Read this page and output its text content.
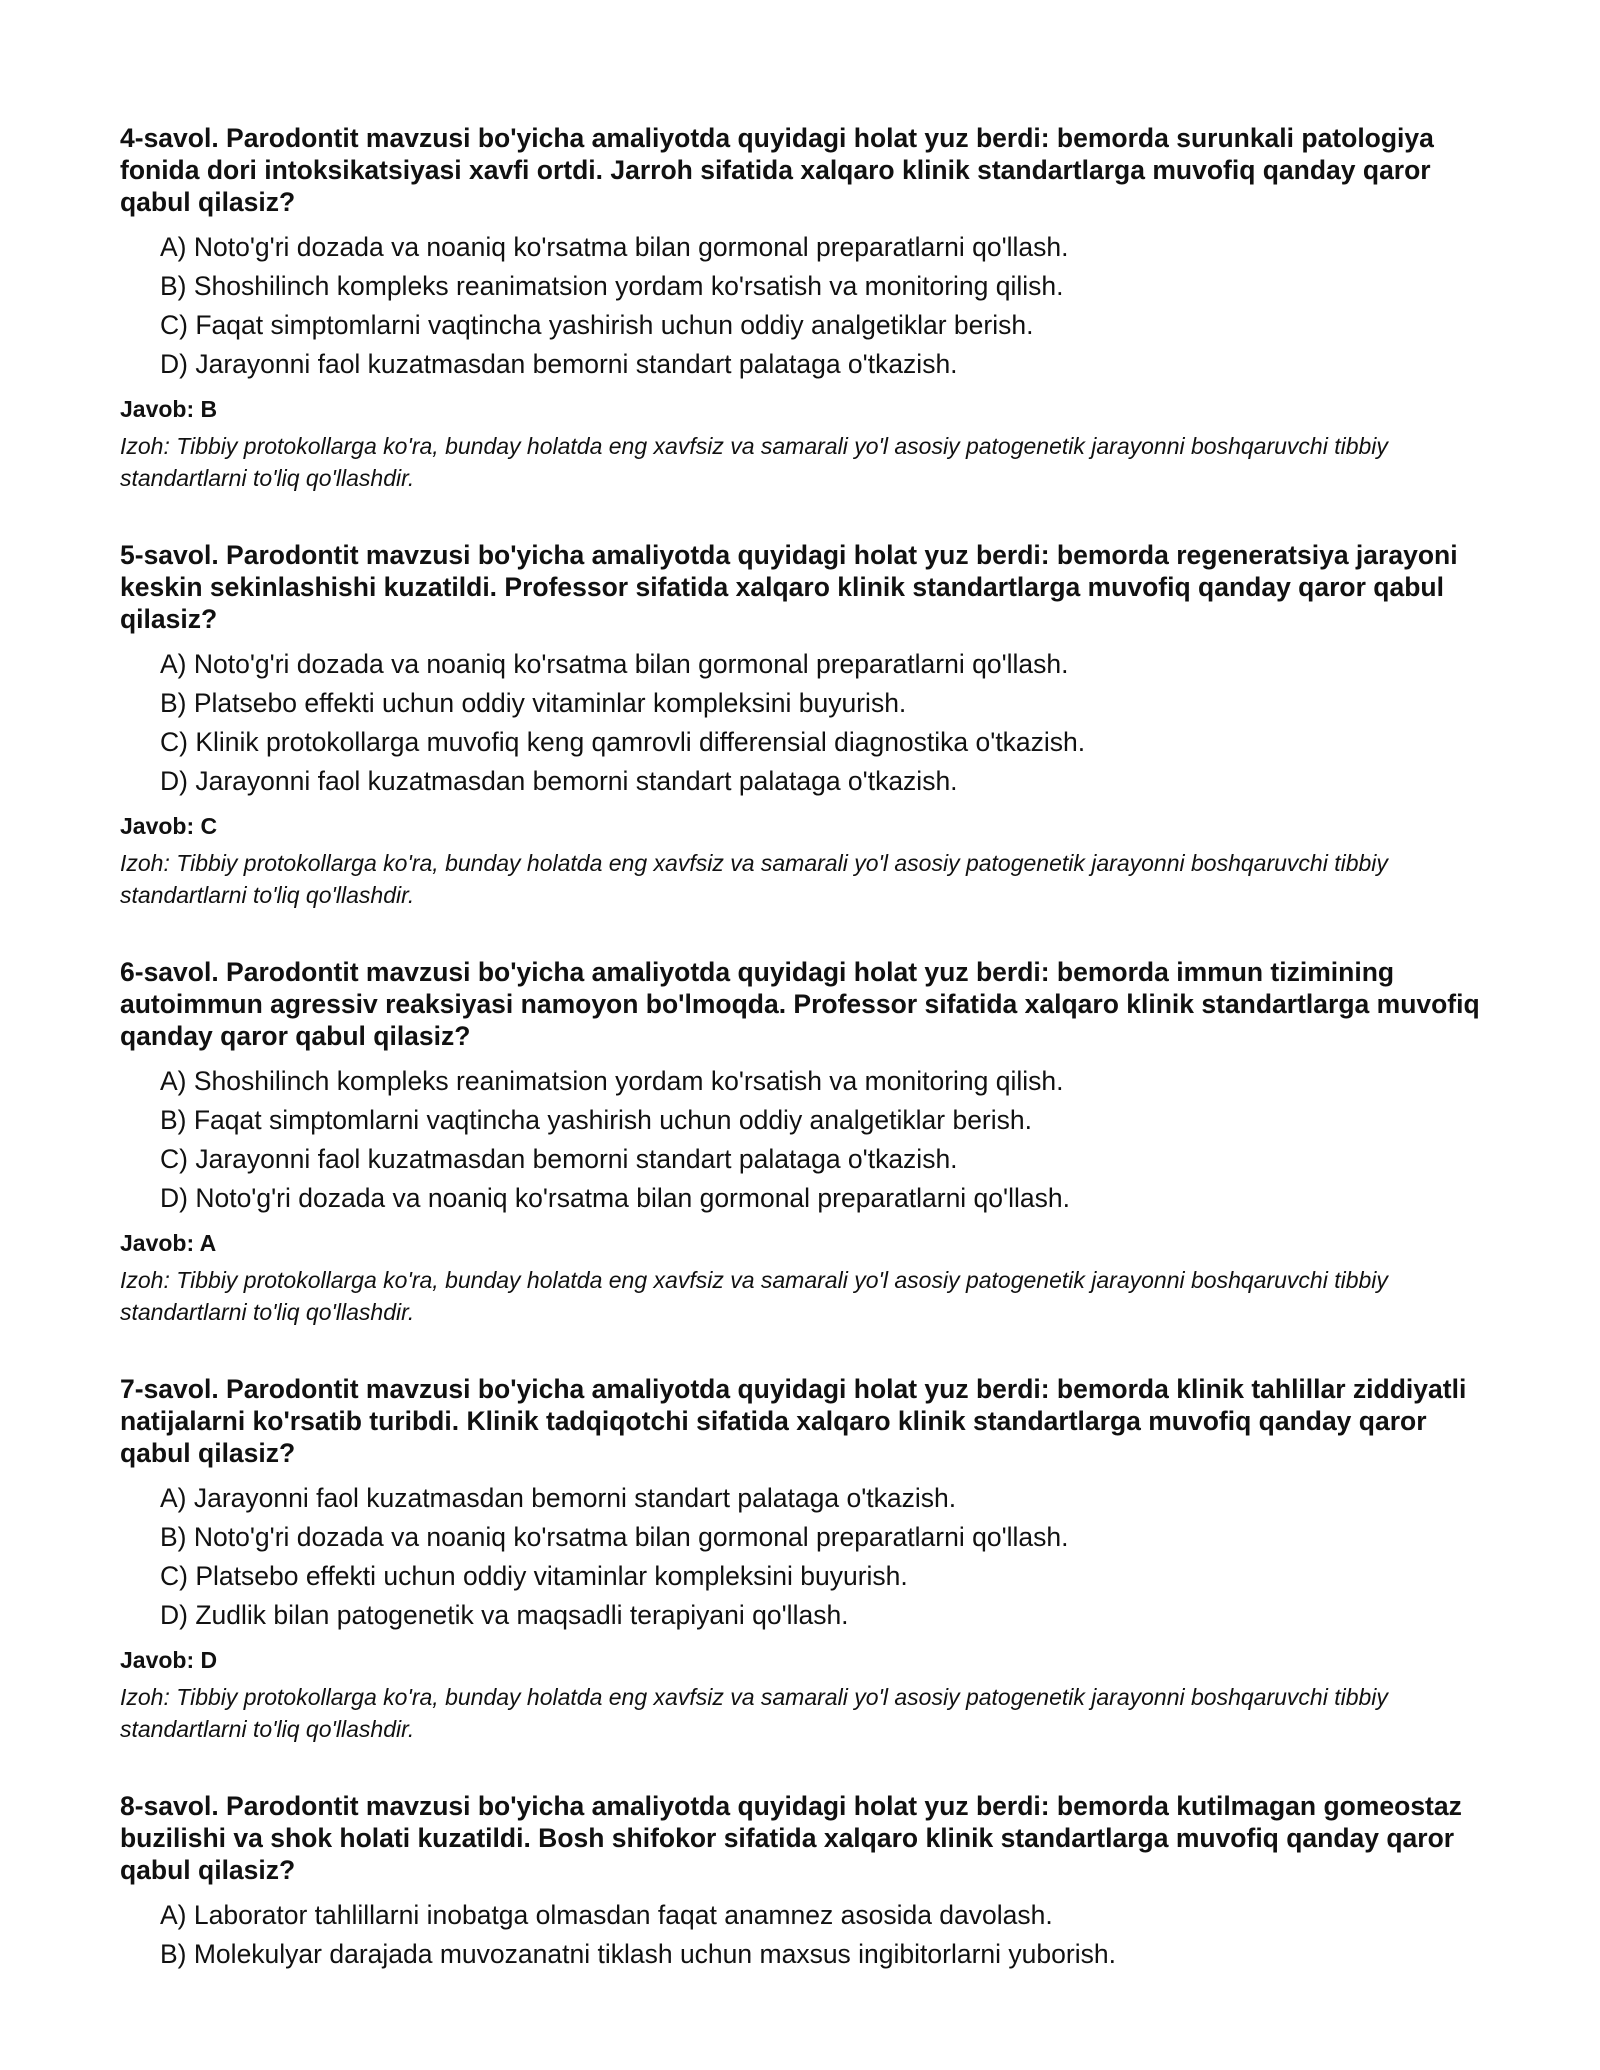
4-savol. Parodontit mavzusi bo'yicha amaliyotda quyidagi holat yuz berdi: bemorda surunkali patologiya fonida dori intoksikatsiyasi xavfi ortdi. Jarroh sifatida xalqaro klinik standartlarga muvofiq qanday qaror qabul qilasiz?
A) Noto'g'ri dozada va noaniq ko'rsatma bilan gormonal preparatlarni qo'llash.
B) Shoshilinch kompleks reanimatsion yordam ko'rsatish va monitoring qilish.
C) Faqat simptomlarni vaqtincha yashirish uchun oddiy analgetiklar berish.
D) Jarayonni faol kuzatmasdan bemorni standart palataga o'tkazish.
Javob: B
Izoh: Tibbiy protokollarga ko'ra, bunday holatda eng xavfsiz va samarali yo'l asosiy patogenetik jarayonni boshqaruvchi tibbiy standartlarni to'liq qo'llashdir.
5-savol. Parodontit mavzusi bo'yicha amaliyotda quyidagi holat yuz berdi: bemorda regeneratsiya jarayoni keskin sekinlashishi kuzatildi. Professor sifatida xalqaro klinik standartlarga muvofiq qanday qaror qabul qilasiz?
A) Noto'g'ri dozada va noaniq ko'rsatma bilan gormonal preparatlarni qo'llash.
B) Platsebo effekti uchun oddiy vitaminlar kompleksini buyurish.
C) Klinik protokollarga muvofiq keng qamrovli differensial diagnostika o'tkazish.
D) Jarayonni faol kuzatmasdan bemorni standart palataga o'tkazish.
Javob: C
Izoh: Tibbiy protokollarga ko'ra, bunday holatda eng xavfsiz va samarali yo'l asosiy patogenetik jarayonni boshqaruvchi tibbiy standartlarni to'liq qo'llashdir.
6-savol. Parodontit mavzusi bo'yicha amaliyotda quyidagi holat yuz berdi: bemorda immun tizimining autoimmun agressiv reaksiyasi namoyon bo'lmoqda. Professor sifatida xalqaro klinik standartlarga muvofiq qanday qaror qabul qilasiz?
A) Shoshilinch kompleks reanimatsion yordam ko'rsatish va monitoring qilish.
B) Faqat simptomlarni vaqtincha yashirish uchun oddiy analgetiklar berish.
C) Jarayonni faol kuzatmasdan bemorni standart palataga o'tkazish.
D) Noto'g'ri dozada va noaniq ko'rsatma bilan gormonal preparatlarni qo'llash.
Javob: A
Izoh: Tibbiy protokollarga ko'ra, bunday holatda eng xavfsiz va samarali yo'l asosiy patogenetik jarayonni boshqaruvchi tibbiy standartlarni to'liq qo'llashdir.
7-savol. Parodontit mavzusi bo'yicha amaliyotda quyidagi holat yuz berdi: bemorda klinik tahlillar ziddiyatli natijalarni ko'rsatib turibdi. Klinik tadqiqotchi sifatida xalqaro klinik standartlarga muvofiq qanday qaror qabul qilasiz?
A) Jarayonni faol kuzatmasdan bemorni standart palataga o'tkazish.
B) Noto'g'ri dozada va noaniq ko'rsatma bilan gormonal preparatlarni qo'llash.
C) Platsebo effekti uchun oddiy vitaminlar kompleksini buyurish.
D) Zudlik bilan patogenetik va maqsadli terapiyani qo'llash.
Javob: D
Izoh: Tibbiy protokollarga ko'ra, bunday holatda eng xavfsiz va samarali yo'l asosiy patogenetik jarayonni boshqaruvchi tibbiy standartlarni to'liq qo'llashdir.
8-savol. Parodontit mavzusi bo'yicha amaliyotda quyidagi holat yuz berdi: bemorda kutilmagan gomeostaz buzilishi va shok holati kuzatildi. Bosh shifokor sifatida xalqaro klinik standartlarga muvofiq qanday qaror qabul qilasiz?
A) Laborator tahlillarni inobatga olmasdan faqat anamnez asosida davolash.
B) Molekulyar darajada muvozanatni tiklash uchun maxsus ingibitorlarni yuborish.
